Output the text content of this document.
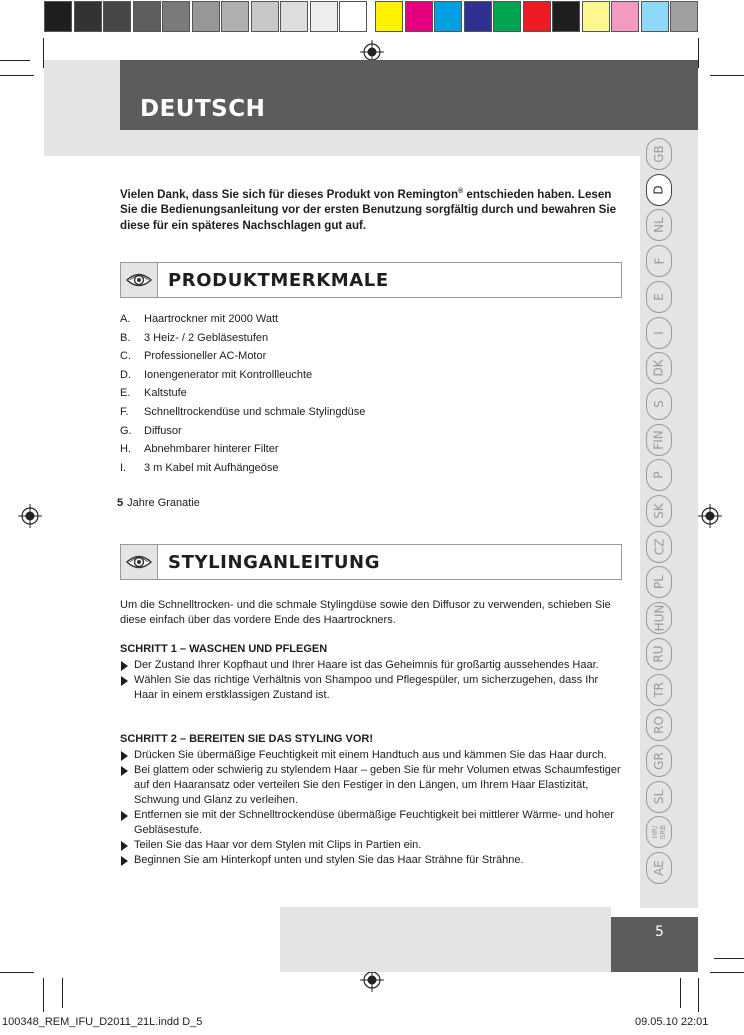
DEUTSCH
GB
D
NL
F
E
I
DK
S
FIN
P
SK
CZ
PL
HUN
RU
TR
RO
GR
SL
HR/ SRB
AE
5

Vielen Dank, dass Sie sich für dieses Produkt von Remington® entschieden haben. Lesen Sie die Bedienungsanleitung vor der ersten Benutzung sorgfältig durch und bewahren Sie diese für ein späteres Nachschlagen gut auf.

PRODUKTMERKMALE
A.	Haartrockner mit 2000 Watt
B.	3 Heiz- / 2 Gebläsestufen
C.	Professioneller AC-Motor
D.	Ionengenerator mit Kontrollleuchte
E.	Kaltstufe
F.	Schnelltrockendüse und schmale Stylingdüse
G.	Diffusor
H.	Abnehmbarer hinterer Filter
I.	3 m Kabel mit Aufhängeöse
5 Jahre Granatie
STYLINGANLEITUNG

Um die Schnelltrocken- und die schmale Stylingdüse sowie den Diffusor zu verwenden, schieben Sie diese einfach über das vordere Ende des Haartrockners.

SCHRITT 1 – WASCHEN UND PFLEGEN
Der Zustand Ihrer Kopfhaut und Ihrer Haare ist das Geheimnis für großartig aussehendes Haar.
Wählen Sie das richtige Verhältnis von Shampoo und Pflegespüler, um sicherzugehen, dass Ihr Haar in einem erstklassigen Zustand ist.
SCHRITT 2 – BEREITEN SIE DAS STYLING VOR!
Drücken Sie übermäßige Feuchtigkeit mit einem Handtuch aus und kämmen Sie das Haar durch.
Bei glattem oder schwierig zu stylendem Haar – geben Sie für mehr Volumen etwas Schaumfestiger auf den Haaransatz oder verteilen Sie den Festiger in den Längen, um Ihrem Haar Elastizität, Schwung und Glanz zu verleihen.
Entfernen sie mit der Schnelltrockendüse übermäßige Feuchtigkeit bei mittlerer Wärme- und hoher Gebläsestufe.
Teilen Sie das Haar vor dem Stylen mit Clips in Partien ein.
Beginnen Sie am Hinterkopf unten und stylen Sie das Haar Strähne für Strähne.
100348_REM_IFU_D2011_21L.indd D_5	09.05.10 22:01
